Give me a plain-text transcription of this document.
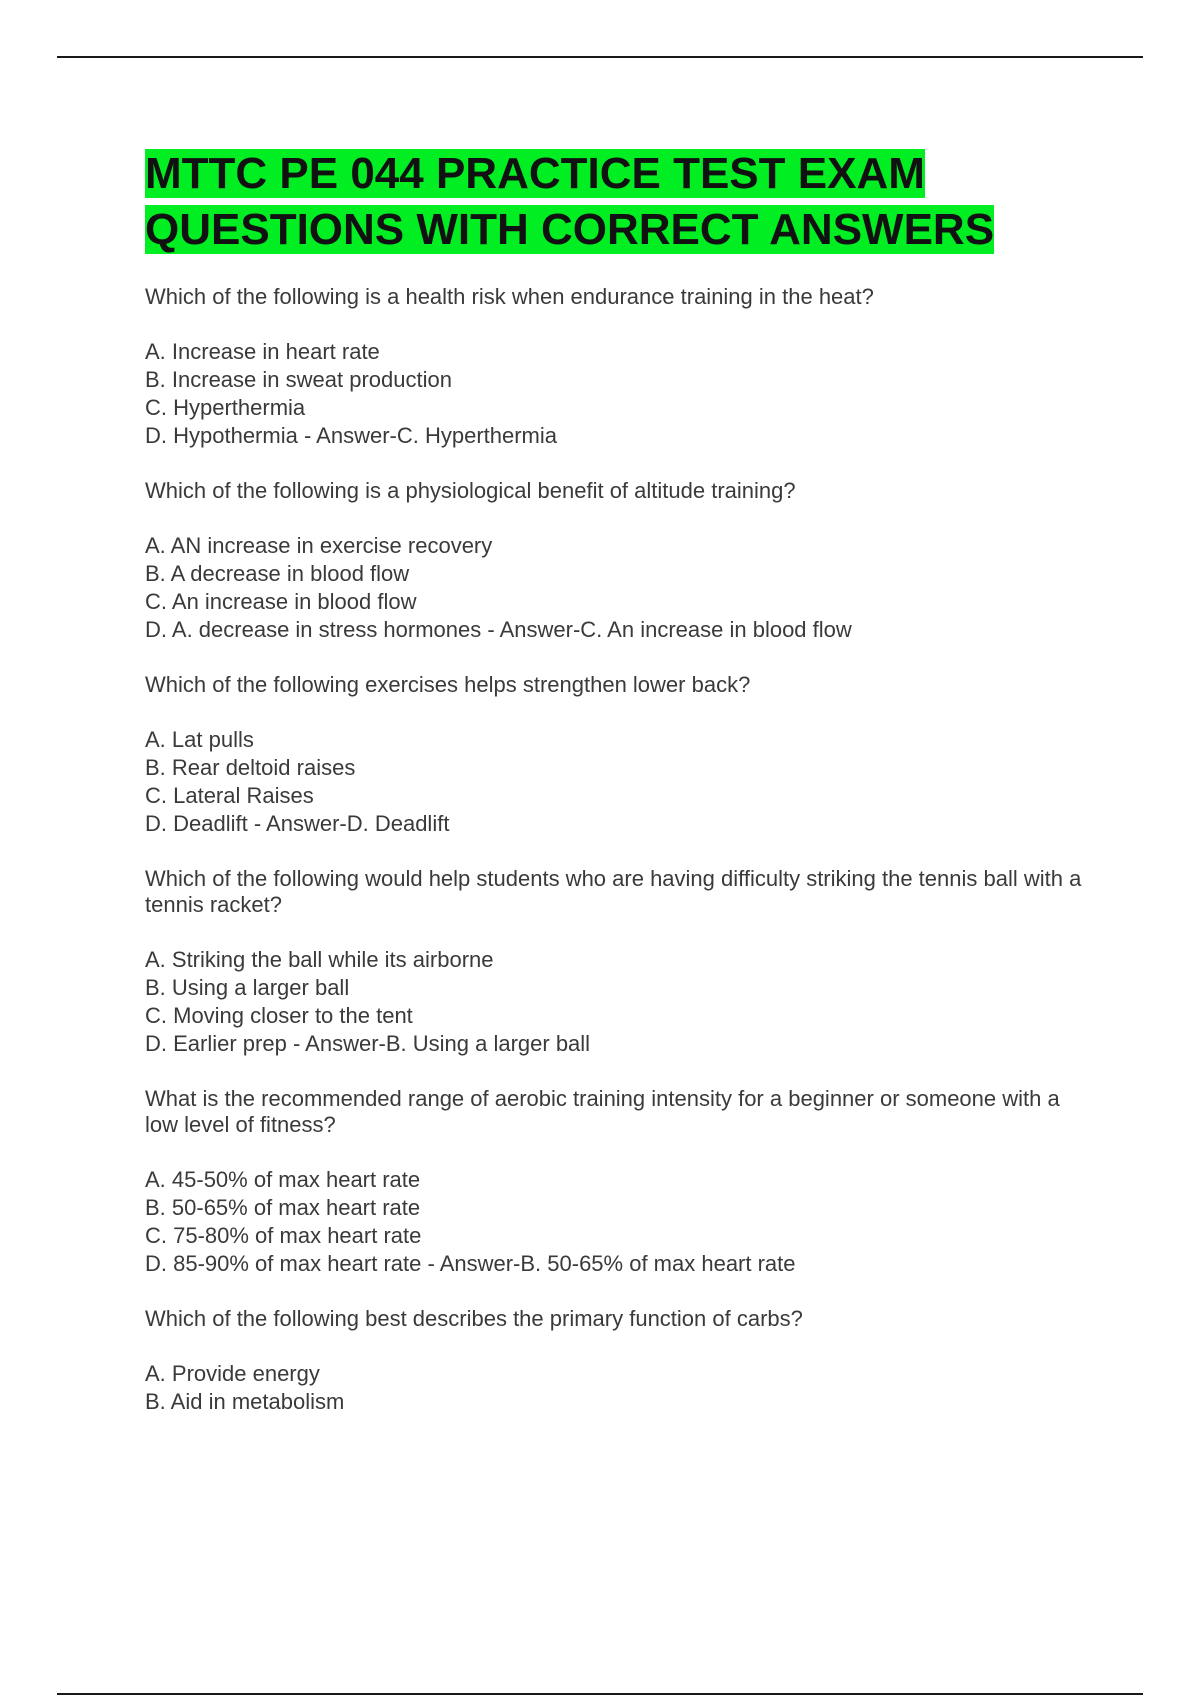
MTTC PE 044 PRACTICE TEST EXAM QUESTIONS WITH CORRECT ANSWERS

Which of the following is a health risk when endurance training in the heat?

A. Increase in heart rate
B. Increase in sweat production
C. Hyperthermia
D. Hypothermia - Answer-C. Hyperthermia

Which of the following is a physiological benefit of altitude training?

A. AN increase in exercise recovery
B. A decrease in blood flow
C. An increase in blood flow
D. A. decrease in stress hormones - Answer-C. An increase in blood flow

Which of the following exercises helps strengthen lower back?

A. Lat pulls
B. Rear deltoid raises
C. Lateral Raises
D. Deadlift - Answer-D. Deadlift

Which of the following would help students who are having difficulty striking the tennis ball with a tennis racket?

A. Striking the ball while its airborne
B. Using a larger ball
C. Moving closer to the tent
D. Earlier prep - Answer-B. Using a larger ball

What is the recommended range of aerobic training intensity for a beginner or someone with a low level of fitness?

A. 45-50% of max heart rate
B. 50-65% of max heart rate
C. 75-80% of max heart rate
D. 85-90% of max heart rate - Answer-B. 50-65% of max heart rate

Which of the following best describes the primary function of carbs?

A. Provide energy
B. Aid in metabolism
